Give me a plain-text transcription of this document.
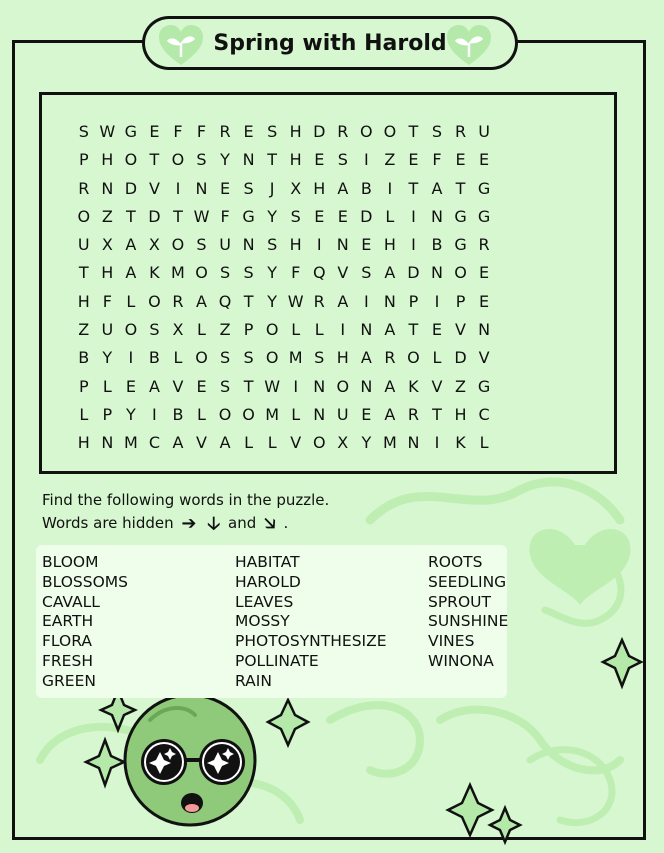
Spring with Harold
S W G E F F R E S H D R O O T S R U
P H O T O S Y N T H E S	I Z E F E E
R N D V I N E S	J X H A B I	T A T G
O Z T D T W F G Y S E E D L	I N G G
U X A X O S U N S H I N E H I B G R
T H A K M O S S Y F Q V S A D N O E
H F L O R A Q T Y W R A I N P	I	P E
Z U O S X L Z P O L L	I N A T E V N
B Y	I B L O S S O M S H A R O L D V
P L E A V E S T W I N O N A K V Z G
L P Y	I B L O O M L N U E A R T H C
H N M C A V A L L V O X Y M N I K L
Find the following words in the puzzle.
Words are hidden ➔ 🡣 and 🡦 .
BLOOM
BLOSSOMS
CAVALL
EARTH
FLORA
FRESH
GREEN
HABITAT
HAROLD
LEAVES
MOSSY
PHOTOSYNTHESIZE
POLLINATE
RAIN
ROOTS
SEEDLING
SPROUT
SUNSHINE
VINES
WINONA
